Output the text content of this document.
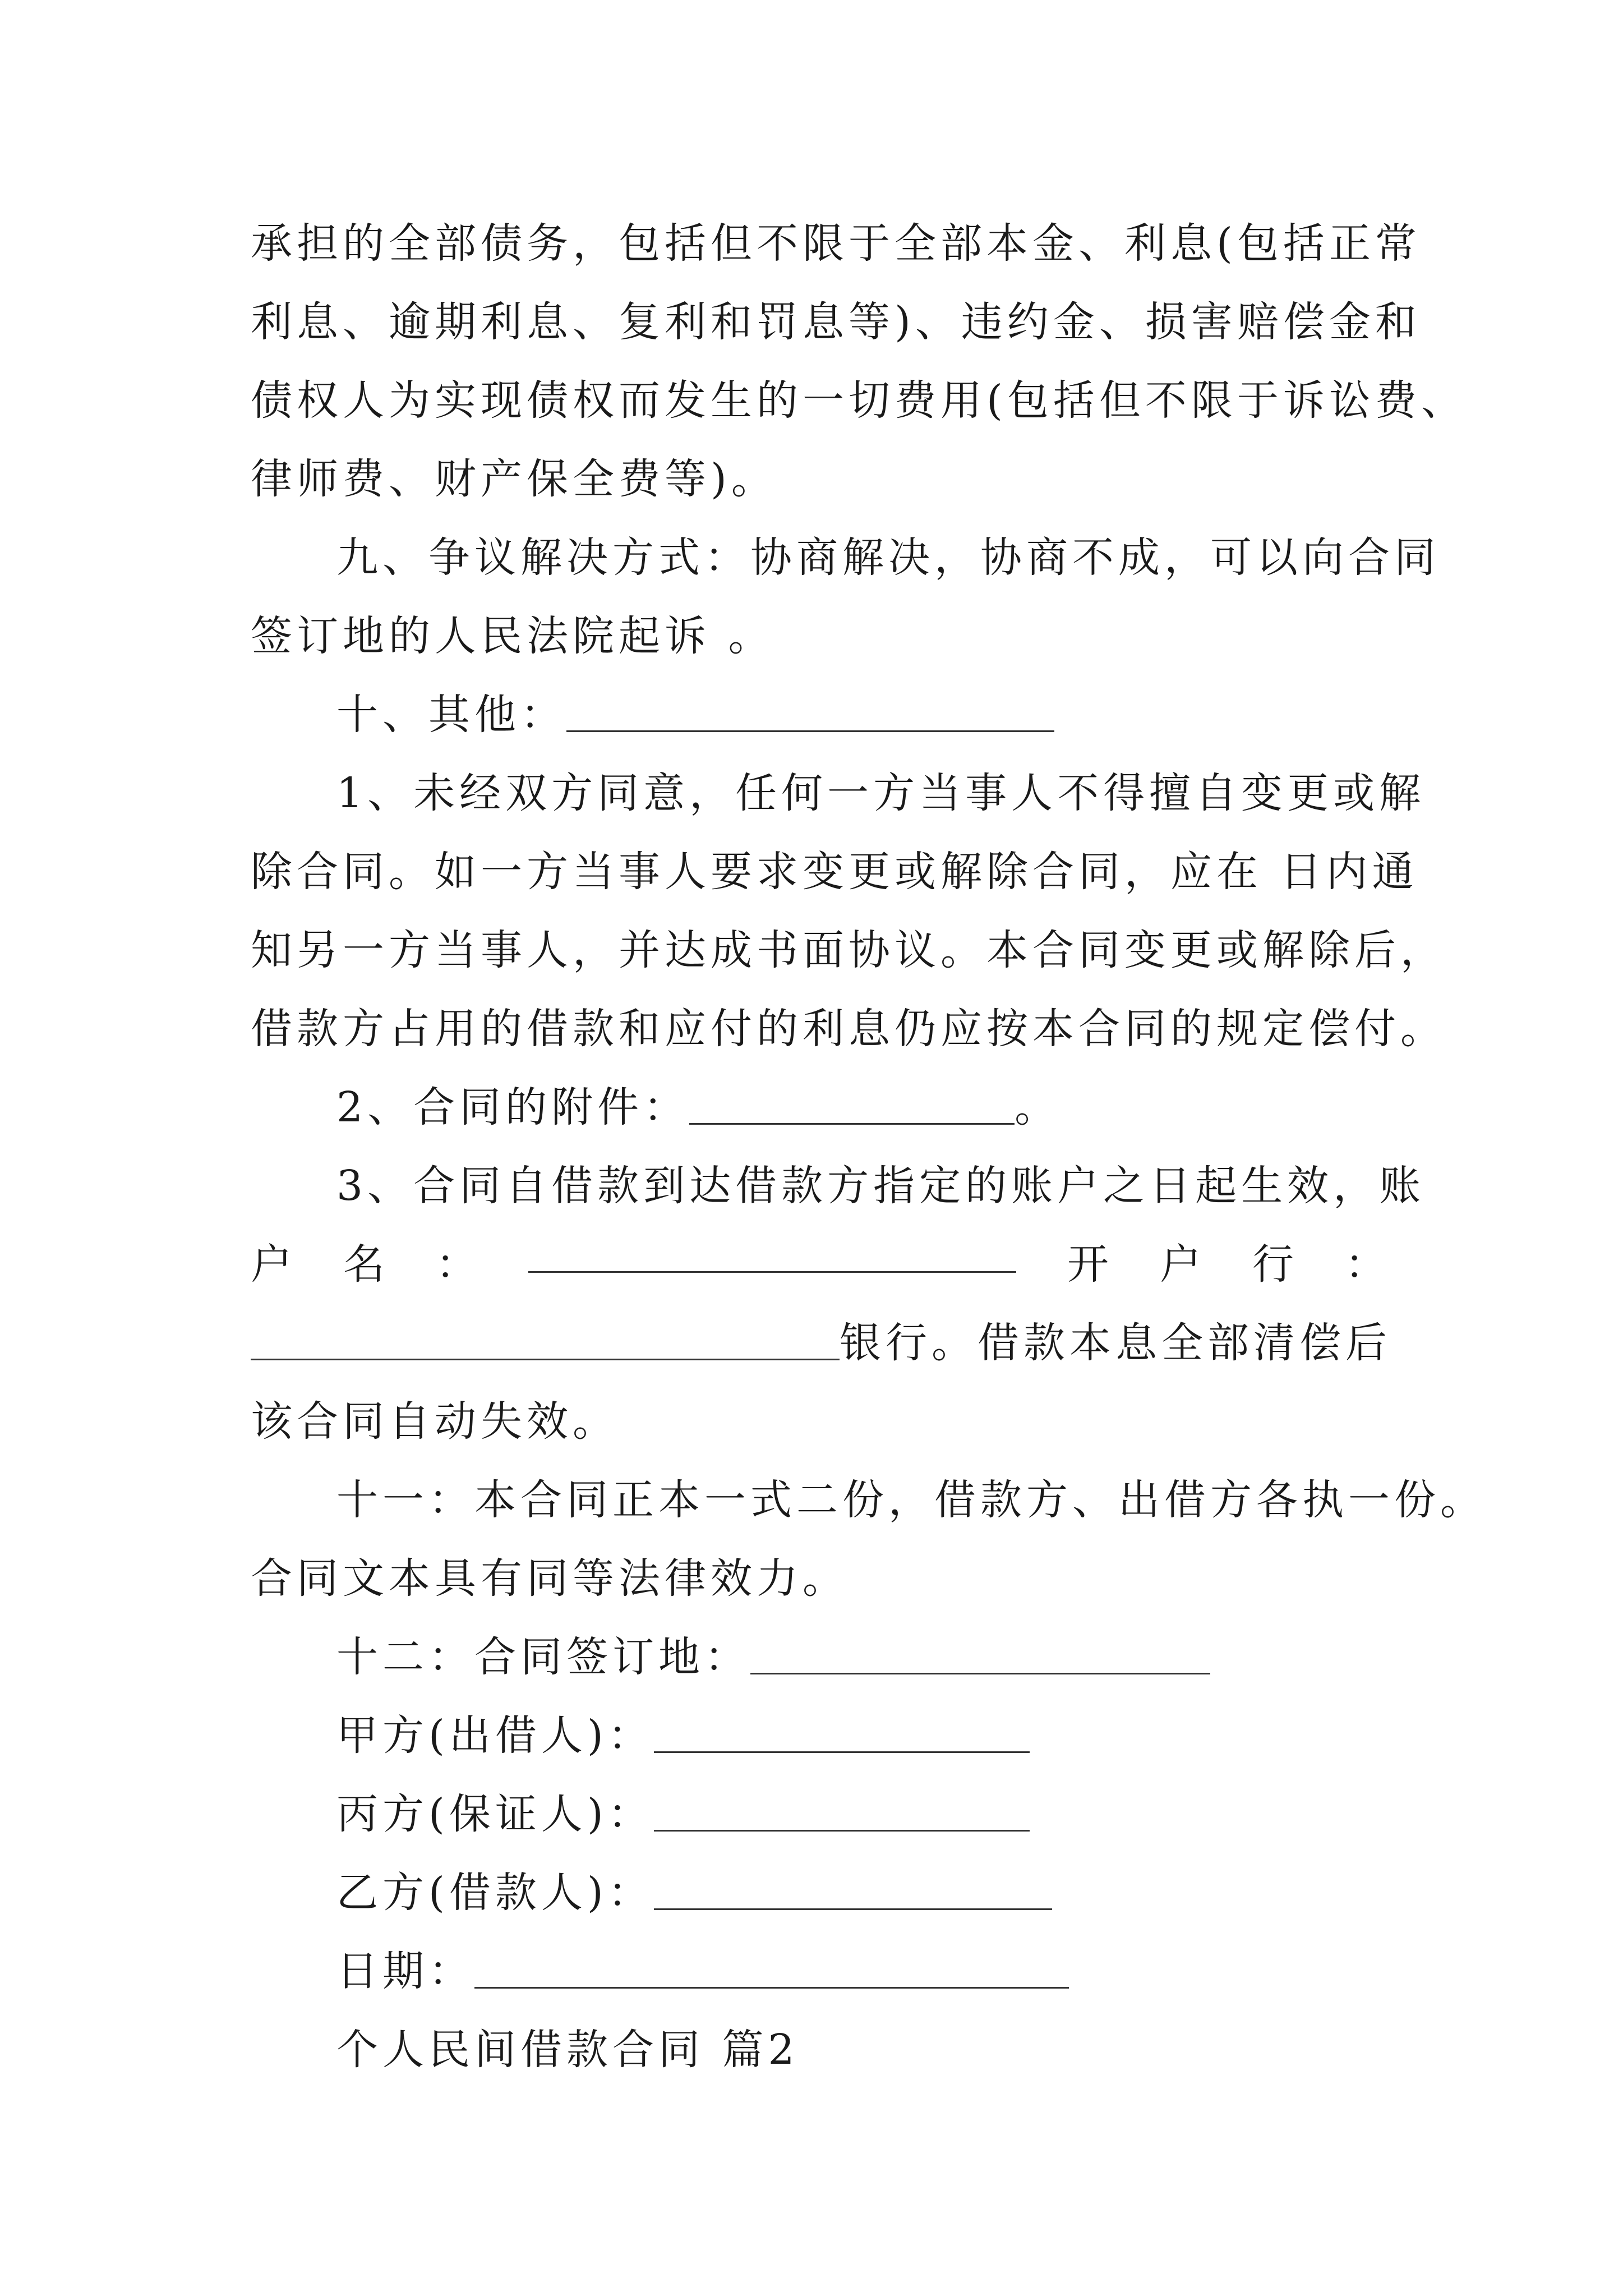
承担的全部债务，包括但不限于全部本金、利息(包括正常
利息、逾期利息、复利和罚息等)、违约金、损害赔偿金和
债权人为实现债权而发生的一切费用(包括但不限于诉讼费、
律师费、财产保全费等)。
九、争议解决方式：协商解决，协商不成，可以向合同
签订地的人民法院起诉 。
十、其他：
1、未经双方同意，任何一方当事人不得擅自变更或解
除合同。如一方当事人要求变更或解除合同，应在 日内通
知另一方当事人，并达成书面协议。本合同变更或解除后，
借款方占用的借款和应付的利息仍应按本合同的规定偿付。
2、合同的附件：	。
3、合同自借款到达借款方指定的账户之日起生效，账
户 名 ：	开 户 行 ：
银行。借款本息全部清偿后
该合同自动失效。
十一：本合同正本一式二份，借款方、出借方各执一份。
合同文本具有同等法律效力。
十二：合同签订地：
甲方(出借人)：
丙方(保证人)：
乙方(借款人)：
日期：
个人民间借款合同 篇2
